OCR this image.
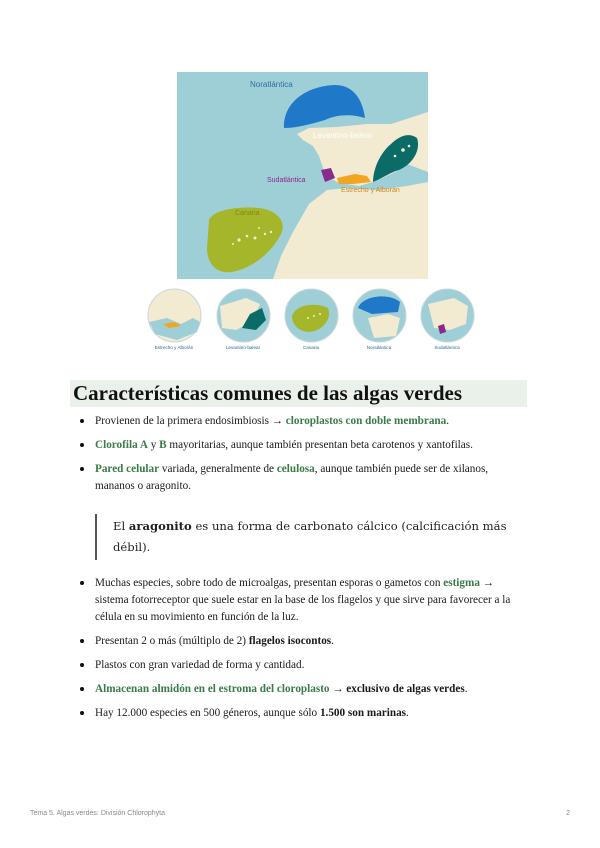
Noratlántica
Levantino-balear
Sudatlántica
Estrecho y Alborán
Canaria
Estrecho y Alborán	Levantino-balear	Canaria	Noratlántica	Sudatlántica
Características comunes de las algas verdes
Provienen de la primera endosimbiosis → cloroplastos con doble membrana.
Clorofila A y B mayoritarias, aunque también presentan beta carotenos y xantofilas.
Pared celular variada, generalmente de celulosa, aunque también puede ser de xilanos, mananos o aragonito.
El aragonito es una forma de carbonato cálcico (calcificación más débil).
Muchas especies, sobre todo de microalgas, presentan esporas o gametos con estigma → sistema fotorreceptor que suele estar en la base de los flagelos y que sirve para favorecer a la célula en su movimiento en función de la luz.
Presentan 2 o más (múltiplo de 2) flagelos isocontos.
Plastos con gran variedad de forma y cantidad.
Almacenan almidón en el estroma del cloroplasto → exclusivo de algas verdes.
Hay 12.000 especies en 500 géneros, aunque sólo 1.500 son marinas.
Tema 5. Algas verdes: División Chlorophyta	2
